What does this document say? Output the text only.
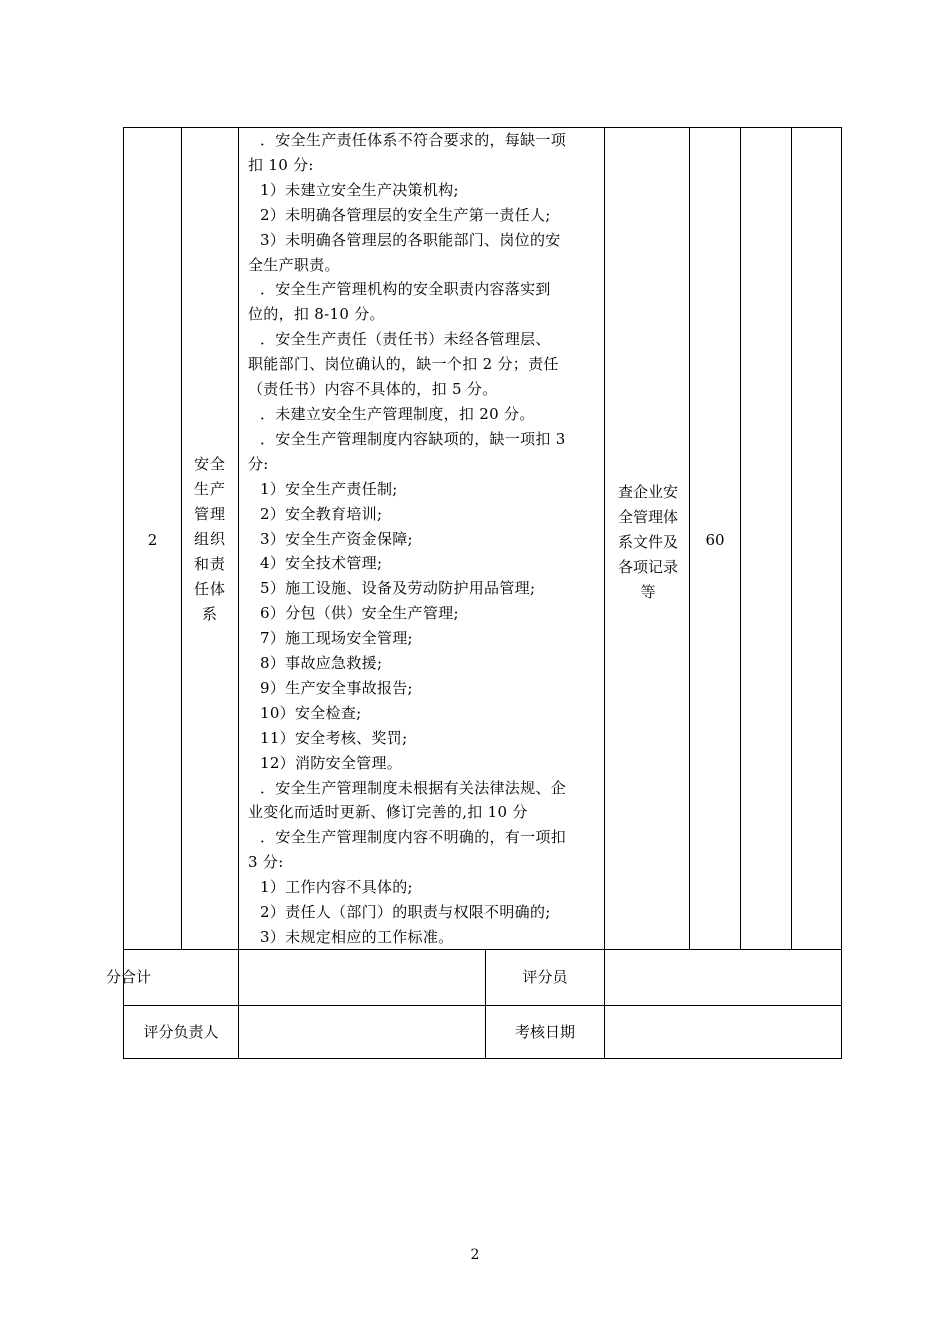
2
安全
生产
管理
组织
和责
任体
系
．安全生产责任体系不符合要求的，每缺一项
扣 10 分:
1）未建立安全生产决策机构;
2）未明确各管理层的安全生产第一责任人;
3）未明确各管理层的各职能部门、岗位的安
全生产职责。
．安全生产管理机构的安全职责内容落实到
位的，扣 8-10 分。
．安全生产责任（责任书）未经各管理层、
职能部门、岗位确认的，缺一个扣 2 分；责任
（责任书）内容不具体的，扣 5 分。
．未建立安全生产管理制度，扣 20 分。
．安全生产管理制度内容缺项的，缺一项扣 3
分:
1）安全生产责任制;
2）安全教育培训;
3）安全生产资金保障;
4）安全技术管理;
5）施工设施、设备及劳动防护用品管理;
6）分包（供）安全生产管理;
7）施工现场安全管理;
8）事故应急救援;
9）生产安全事故报告;
10）安全检查;
11）安全考核、奖罚;
12）消防安全管理。
．安全生产管理制度未根据有关法律法规、企
业变化而适时更新、修订完善的,扣 10 分
．安全生产管理制度内容不明确的，有一项扣
3 分:
1）工作内容不具体的;
2）责任人（部门）的职责与权限不明确的;
3）未规定相应的工作标准。
查企业安
全管理体
系文件及
各项记录
等
60
分合计	评分员
评分负责人	考核日期
2
